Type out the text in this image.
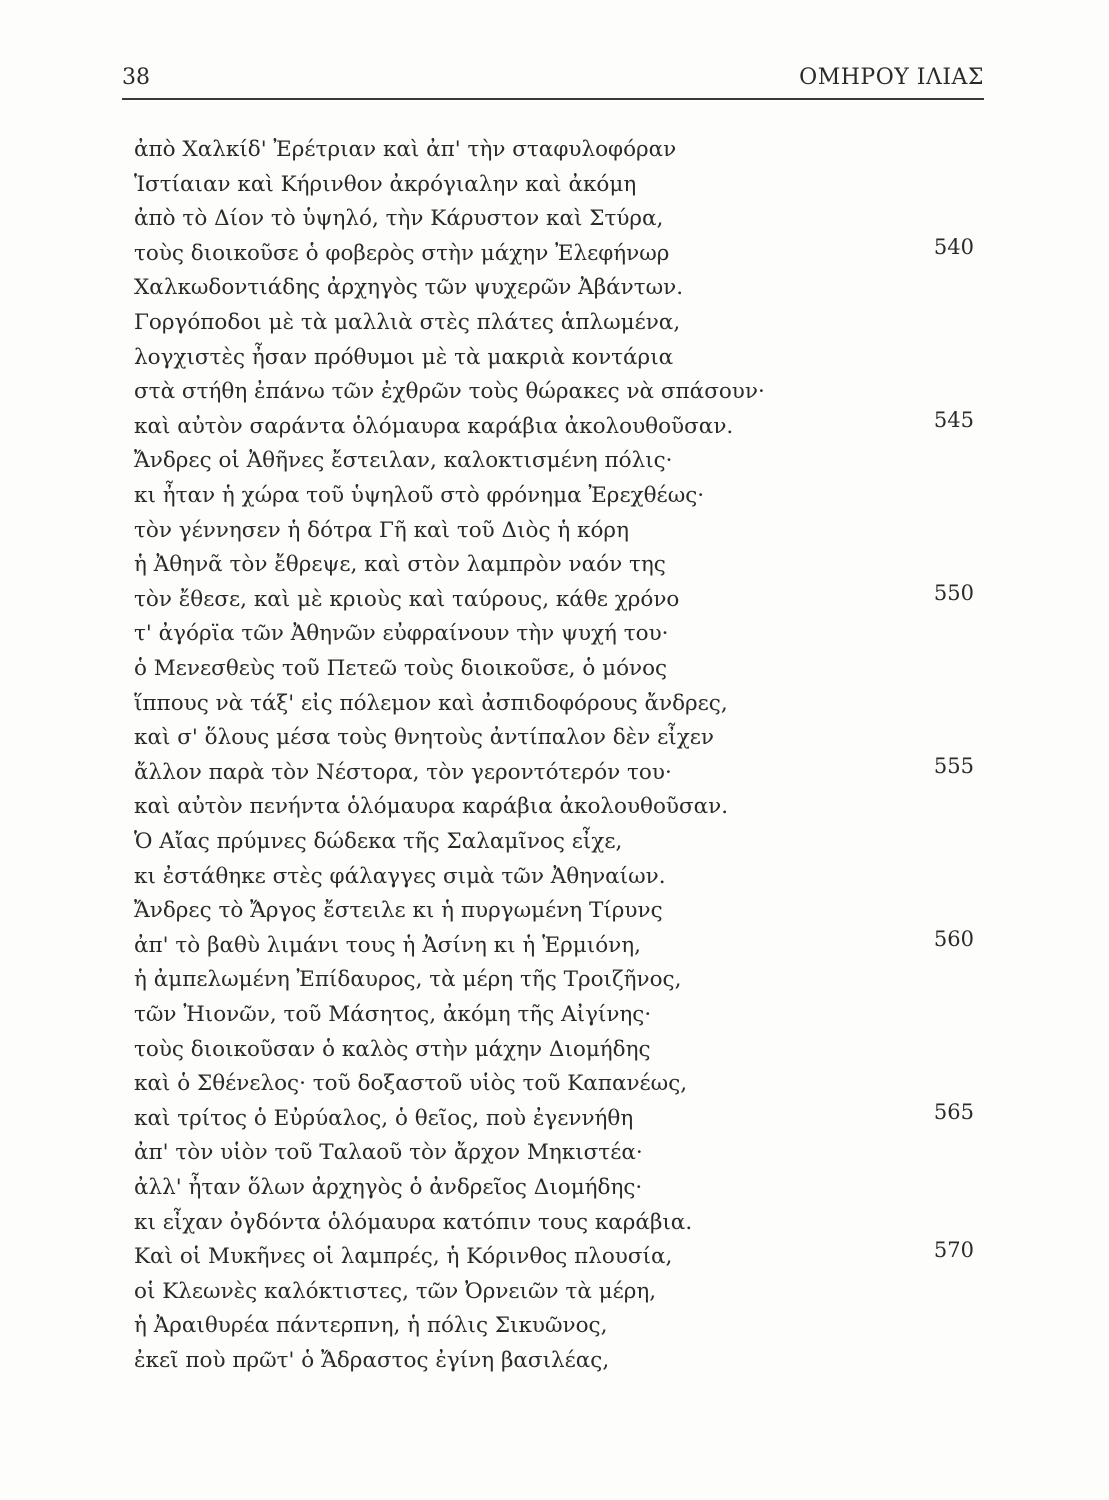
38	ΟΜΗΡΟΥ ΙΛΙΑΣ
ἀπὸ Χαλκίδ' Ἐρέτριαν καὶ ἀπ' τὴν σταφυλοφόραν
Ἱστίαιαν καὶ Κήρινθον ἀκρόγιαλην καὶ ἀκόμη
ἀπὸ τὸ Δίον τὸ ὑψηλό, τὴν Κάρυστον καὶ Στύρα,
τοὺς διοικοῦσε ὁ φοβερὸς στὴν μάχην Ἐλεφήνωρ	540
Χαλκωδοντιάδης ἀρχηγὸς τῶν ψυχερῶν Ἀβάντων.
Γοργόποδοι μὲ τὰ μαλλιὰ στὲς πλάτες ἁπλωμένα,
λογχιστὲς ἦσαν πρόθυμοι μὲ τὰ μακριὰ κοντάρια
στὰ στήθη ἐπάνω τῶν ἐχθρῶν τοὺς θώρακες νὰ σπάσουν·
καὶ αὐτὸν σαράντα ὁλόμαυρα καράβια ἀκολουθοῦσαν.	545
Ἄνδρες οἱ Ἀθῆνες ἔστειλαν, καλοκτισμένη πόλις·
κι ἦταν ἡ χώρα τοῦ ὑψηλοῦ στὸ φρόνημα Ἐρεχθέως·
τὸν γέννησεν ἡ δότρα Γῆ καὶ τοῦ Διὸς ἡ κόρη
ἡ Ἀθηνᾶ τὸν ἔθρεψε, καὶ στὸν λαμπρὸν ναόν της
τὸν ἔθεσε, καὶ μὲ κριοὺς καὶ ταύρους, κάθε χρόνο	550
τ' ἀγόρϊα τῶν Ἀθηνῶν εὐφραίνουν τὴν ψυχή του·
ὁ Μενεσθεὺς τοῦ Πετεῶ τοὺς διοικοῦσε, ὁ μόνος
ἵππους νὰ τάξ' εἰς πόλεμον καὶ ἀσπιδοφόρους ἄνδρες,
καὶ σ' ὅλους μέσα τοὺς θνητοὺς ἀντίπαλον δὲν εἶχεν
ἄλλον παρὰ τὸν Νέστορα, τὸν γεροντότερόν του·	555
καὶ αὐτὸν πενήντα ὁλόμαυρα καράβια ἀκολουθοῦσαν.
Ὁ Αἴας πρύμνες δώδεκα τῆς Σαλαμῖνος εἶχε,
κι ἐστάθηκε στὲς φάλαγγες σιμὰ τῶν Ἀθηναίων.
Ἄνδρες τὸ Ἄργος ἔστειλε κι ἡ πυργωμένη Τίρυνς
ἀπ' τὸ βαθὺ λιμάνι τους ἡ Ἀσίνη κι ἡ Ἑρμιόνη,	560
ἡ ἀμπελωμένη Ἐπίδαυρος, τὰ μέρη τῆς Τροιζῆνος,
τῶν Ἠιονῶν, τοῦ Μάσητος, ἀκόμη τῆς Αἰγίνης·
τοὺς διοικοῦσαν ὁ καλὸς στὴν μάχην Διομήδης
καὶ ὁ Σθένελος· τοῦ δοξαστοῦ υἱὸς τοῦ Καπανέως,
καὶ τρίτος ὁ Εὐρύαλος, ὁ θεῖος, ποὺ ἐγεννήθη	565
ἀπ' τὸν υἱὸν τοῦ Ταλαοῦ τὸν ἄρχον Μηκιστέα·
ἀλλ' ἦταν ὅλων ἀρχηγὸς ὁ ἀνδρεῖος Διομήδης·
κι εἶχαν ὀγδόντα ὁλόμαυρα κατόπιν τους καράβια.
Καὶ οἱ Μυκῆνες οἱ λαμπρές, ἡ Κόρινθος πλουσία,	570
οἱ Κλεωνὲς καλόκτιστες, τῶν Ὀρνειῶν τὰ μέρη,
ἡ Ἀραιθυρέα πάντερπνη, ἡ πόλις Σικυῶνος,
ἐκεῖ ποὺ πρῶτ' ὁ Ἄδραστος ἐγίνη βασιλέας,
